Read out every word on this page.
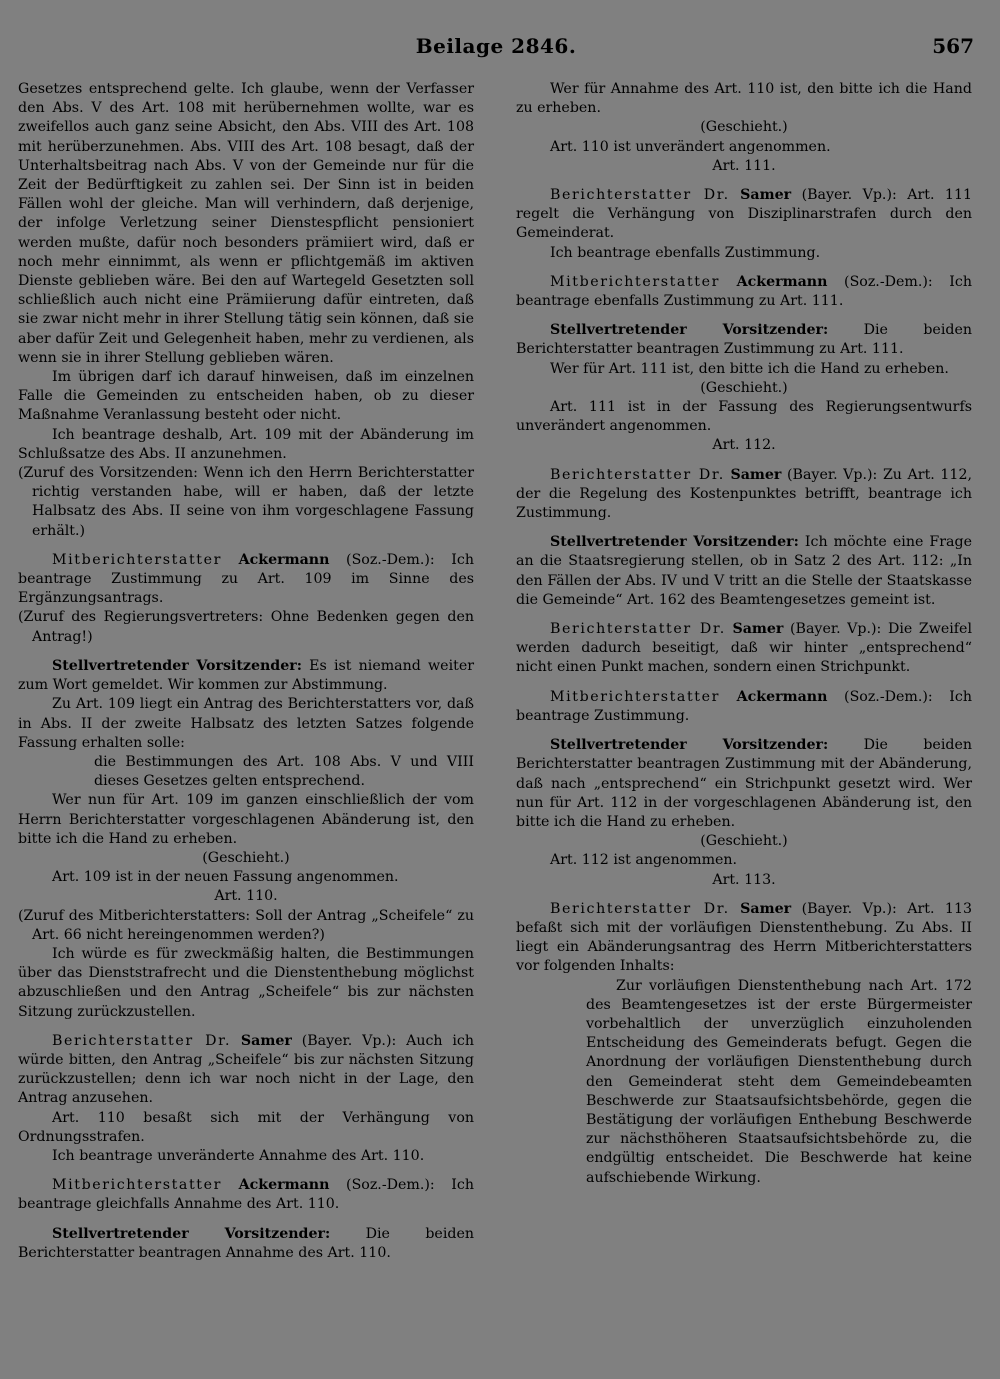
Beilage 2846.	567

Gesetzes entsprechend gelte. Ich glaube, wenn der Verfasser den Abs. V des Art. 108 mit herübernehmen wollte, war es zweifellos auch ganz seine Absicht, den Abs. VIII des Art. 108 mit herüberzunehmen. Abs. VIII des Art. 108 besagt, daß der Unterhaltsbeitrag nach Abs. V von der Gemeinde nur für die Zeit der Bedürftigkeit zu zahlen sei. Der Sinn ist in beiden Fällen wohl der gleiche. Man will verhindern, daß derjenige, der infolge Verletzung seiner Dienstespflicht pensioniert werden mußte, dafür noch besonders prämiiert wird, daß er noch mehr einnimmt, als wenn er pflichtgemäß im aktiven Dienste geblieben wäre. Bei den auf Wartegeld Gesetzten soll schließlich auch nicht eine Prämiierung dafür eintreten, daß sie zwar nicht mehr in ihrer Stellung tätig sein können, daß sie aber dafür Zeit und Gelegenheit haben, mehr zu verdienen, als wenn sie in ihrer Stellung geblieben wären.

Im übrigen darf ich darauf hinweisen, daß im einzelnen Falle die Gemeinden zu entscheiden haben, ob zu dieser Maßnahme Veranlassung besteht oder nicht.

Ich beantrage deshalb, Art. 109 mit der Abänderung im Schlußsatze des Abs. II anzunehmen.

(Zuruf des Vorsitzenden: Wenn ich den Herrn Berichterstatter richtig verstanden habe, will er haben, daß der letzte Halbsatz des Abs. II seine von ihm vorgeschlagene Fassung erhält.)

Mitberichterstatter Ackermann (Soz.-Dem.): Ich beantrage Zustimmung zu Art. 109 im Sinne des Ergänzungsantrags.

(Zuruf des Regierungsvertreters: Ohne Bedenken gegen den Antrag!)

Stellvertretender Vorsitzender: Es ist niemand weiter zum Wort gemeldet. Wir kommen zur Abstimmung.

Zu Art. 109 liegt ein Antrag des Berichterstatters vor, daß in Abs. II der zweite Halbsatz des letzten Satzes folgende Fassung erhalten solle:

die Bestimmungen des Art. 108 Abs. V und VIII dieses Gesetzes gelten entsprechend.

Wer nun für Art. 109 im ganzen einschließlich der vom Herrn Berichterstatter vorgeschlagenen Abänderung ist, den bitte ich die Hand zu erheben.

(Geschieht.)

Art. 109 ist in der neuen Fassung angenommen.

Art. 110.

(Zuruf des Mitberichterstatters: Soll der Antrag „Scheifele“ zu Art. 66 nicht hereingenommen werden?)

Ich würde es für zweckmäßig halten, die Bestimmungen über das Dienststrafrecht und die Dienstenthebung möglichst abzuschließen und den Antrag „Scheifele“ bis zur nächsten Sitzung zurückzustellen.

Berichterstatter Dr. Samer (Bayer. Vp.): Auch ich würde bitten, den Antrag „Scheifele“ bis zur nächsten Sitzung zurückzustellen; denn ich war noch nicht in der Lage, den Antrag anzusehen.

Art. 110 besaßt sich mit der Verhängung von Ordnungsstrafen.

Ich beantrage unveränderte Annahme des Art. 110.

Mitberichterstatter Ackermann (Soz.-Dem.): Ich beantrage gleichfalls Annahme des Art. 110.

Stellvertretender Vorsitzender: Die beiden Berichterstatter beantragen Annahme des Art. 110.

Wer für Annahme des Art. 110 ist, den bitte ich die Hand zu erheben.

(Geschieht.)

Art. 110 ist unverändert angenommen.

Art. 111.

Berichterstatter Dr. Samer (Bayer. Vp.): Art. 111 regelt die Verhängung von Disziplinarstrafen durch den Gemeinderat.

Ich beantrage ebenfalls Zustimmung.

Mitberichterstatter Ackermann (Soz.-Dem.): Ich beantrage ebenfalls Zustimmung zu Art. 111.

Stellvertretender Vorsitzender: Die beiden Berichterstatter beantragen Zustimmung zu Art. 111.

Wer für Art. 111 ist, den bitte ich die Hand zu erheben.

(Geschieht.)

Art. 111 ist in der Fassung des Regierungsentwurfs unverändert angenommen.

Art. 112.

Berichterstatter Dr. Samer (Bayer. Vp.): Zu Art. 112, der die Regelung des Kostenpunktes betrifft, beantrage ich Zustimmung.

Stellvertretender Vorsitzender: Ich möchte eine Frage an die Staatsregierung stellen, ob in Satz 2 des Art. 112: „In den Fällen der Abs. IV und V tritt an die Stelle der Staatskasse die Gemeinde“ Art. 162 des Beamtengesetzes gemeint ist.

Berichterstatter Dr. Samer (Bayer. Vp.): Die Zweifel werden dadurch beseitigt, daß wir hinter „entsprechend“ nicht einen Punkt machen, sondern einen Strichpunkt.

Mitberichterstatter Ackermann (Soz.-Dem.): Ich beantrage Zustimmung.

Stellvertretender Vorsitzender: Die beiden Berichterstatter beantragen Zustimmung mit der Abänderung, daß nach „entsprechend“ ein Strichpunkt gesetzt wird. Wer nun für Art. 112 in der vorgeschlagenen Abänderung ist, den bitte ich die Hand zu erheben.

(Geschieht.)

Art. 112 ist angenommen.

Art. 113.

Berichterstatter Dr. Samer (Bayer. Vp.): Art. 113 befaßt sich mit der vorläufigen Dienstenthebung. Zu Abs. II liegt ein Abänderungsantrag des Herrn Mitberichterstatters vor folgenden Inhalts:

Zur vorläufigen Dienstenthebung nach Art. 172 des Beamtengesetzes ist der erste Bürgermeister vorbehaltlich der unverzüglich einzuholenden Entscheidung des Gemeinderats befugt. Gegen die Anordnung der vorläufigen Dienstenthebung durch den Gemeinderat steht dem Gemeindebeamten Beschwerde zur Staatsaufsichtsbehörde, gegen die Bestätigung der vorläufigen Enthebung Beschwerde zur nächsthöheren Staatsaufsichtsbehörde zu, die endgültig entscheidet. Die Beschwerde hat keine aufschiebende Wirkung.
